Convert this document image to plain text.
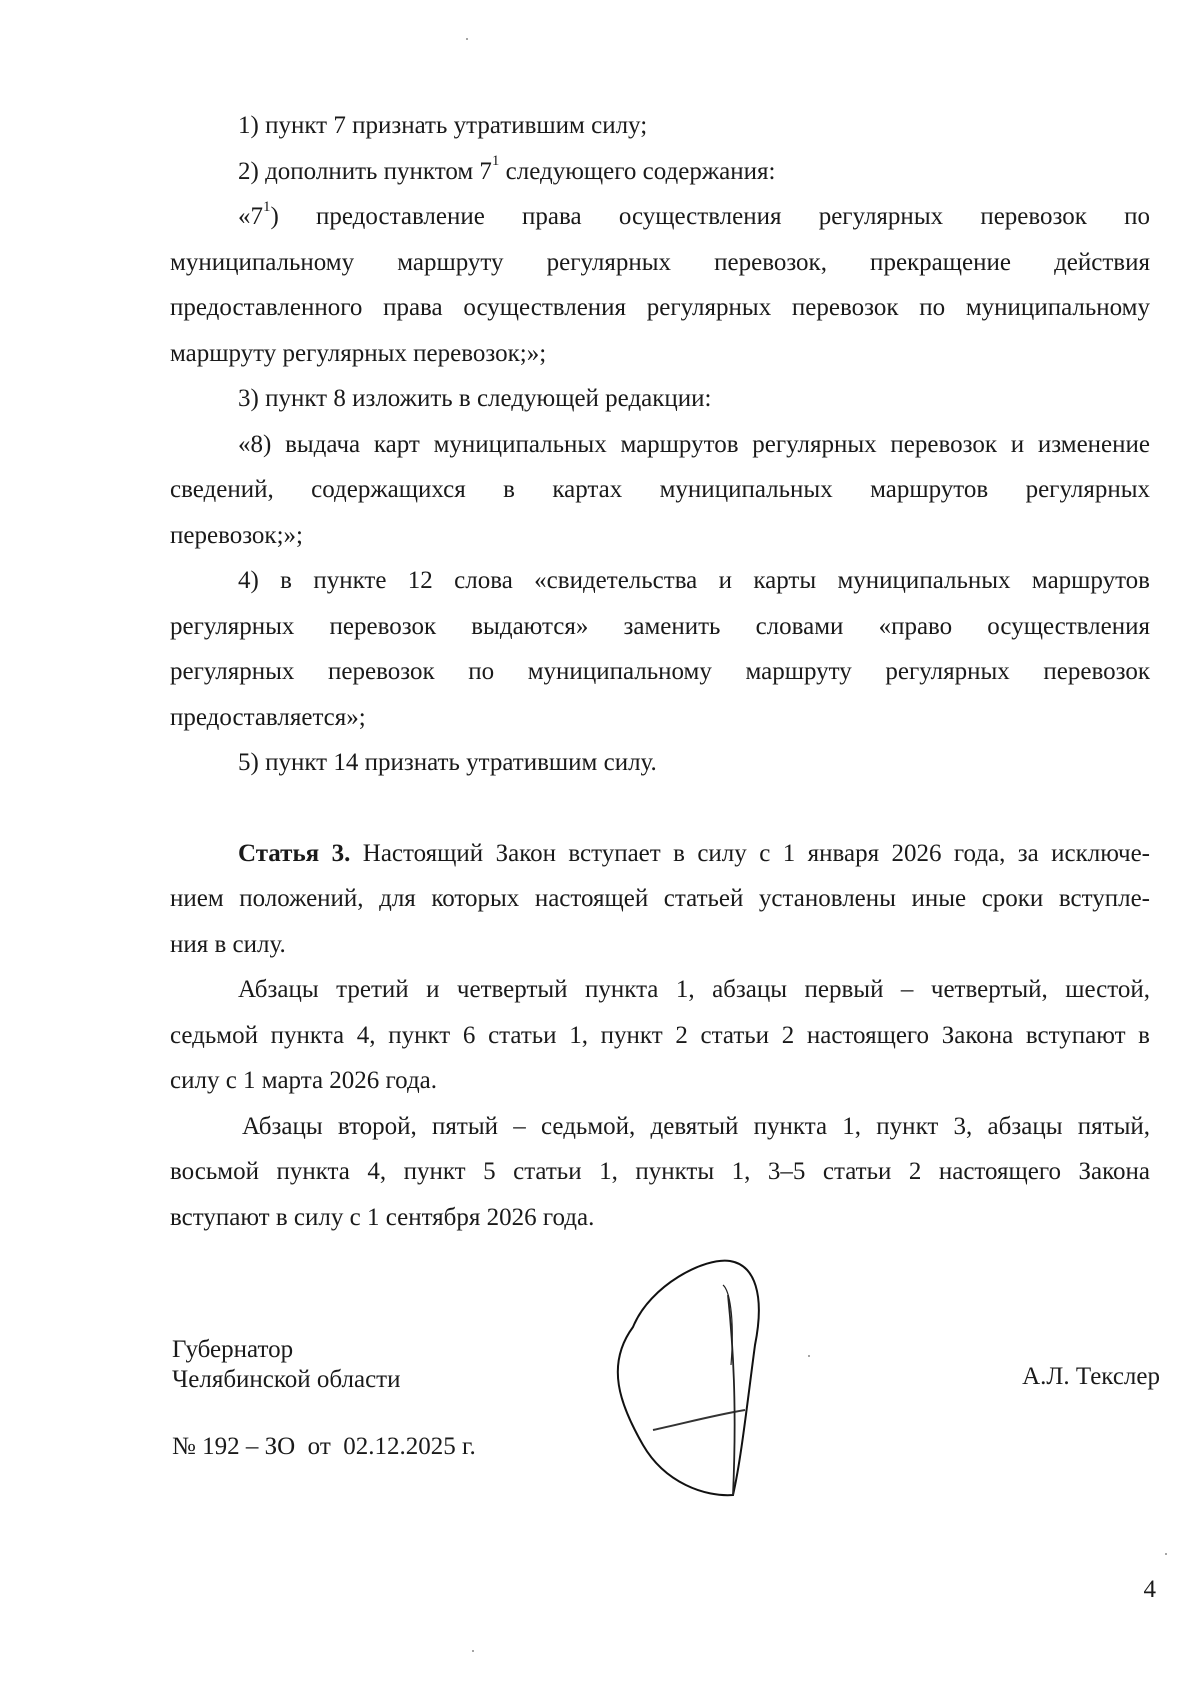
1) пункт 7 признать утратившим силу;
2) дополнить пунктом $7^1$ следующего содержания:
«$7^1$) предоставление права осуществления регулярных перевозок по
муниципальному маршруту регулярных перевозок, прекращение действия
предоставленного права осуществления регулярных перевозок по муниципальному
маршруту регулярных перевозок;»;
3) пункт 8 изложить в следующей редакции:
«8) выдача карт муниципальных маршрутов регулярных перевозок и изменение
сведений, содержащихся в картах муниципальных маршрутов регулярных
перевозок;»;
4) в пункте 12 слова «свидетельства и карты муниципальных маршрутов
регулярных перевозок выдаются» заменить словами «право осуществления
регулярных перевозок по муниципальному маршруту регулярных перевозок
предоставляется»;
5) пункт 14 признать утратившим силу.
Статья 3. Настоящий Закон вступает в силу с 1 января 2026 года, за исключе-
нием положений, для которых настоящей статьей установлены иные сроки вступле-
ния в силу.
Абзацы третий и четвертый пункта 1, абзацы первый – четвертый, шестой,
седьмой пункта 4, пункт 6 статьи 1, пункт 2 статьи 2 настоящего Закона вступают в
силу с 1 марта 2026 года.
Абзацы второй, пятый – седьмой, девятый пункта 1, пункт 3, абзацы пятый,
восьмой пункта 4, пункт 5 статьи 1, пункты 1, 3–5 статьи 2 настоящего Закона
вступают в силу с 1 сентября 2026 года.
Губернатор
Челябинской области	А.Л. Текслер
№ 192 – ЗО  от  02.12.2025 г.
4
